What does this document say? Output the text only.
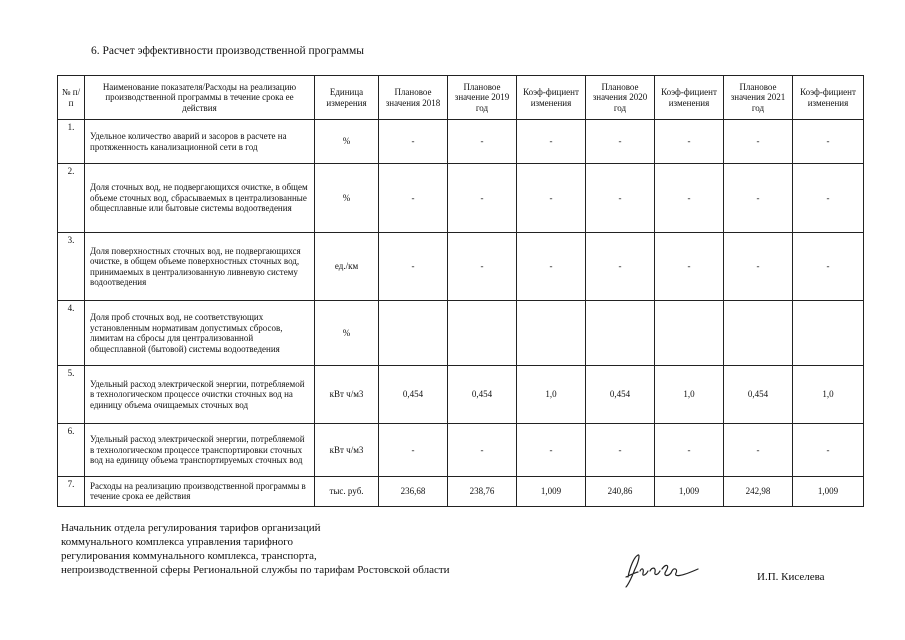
6. Расчет эффективности производственной программы
№ п/п	Наименование показателя/Расходы на реализацию производственной программы в течение срока ее действия	Единица измерения	Плановое значения 2018	Плановое значение 2019 год	Коэф-фициент изменения	Плановое значения 2020 год	Коэф-фициент изменения	Плановое значения 2021 год	Коэф-фициент изменения
1.	Удельное количество аварий и засоров в расчете на протяженность канализационной сети в год	%	-	-	-	-	-	-	-
2.	Доля сточных вод, не подвергающихся очистке, в общем объеме сточных вод, сбрасываемых в централизованные общесплавные или бытовые системы водоотведения	%	-	-	-	-	-	-	-
3.	Доля поверхностных сточных вод, не подвергающихся очистке, в общем объеме поверхностных сточных вод, принимаемых в централизованную ливневую систему водоотведения	ед./км	-	-	-	-	-	-	-
4.	Доля проб сточных вод, не соответствующих установленным нормативам допустимых сбросов, лимитам на сбросы для централизованной общесплавной (бытовой) системы водоотведения	%							
5.	Удельный расход электрической энергии, потребляемой в технологическом процессе очистки сточных вод на единицу объема очищаемых сточных вод	кВт ч/м3	0,454	0,454	1,0	0,454	1,0	0,454	1,0
6.	Удельный расход электрической энергии, потребляемой в технологическом процессе транспортировки сточных вод на единицу объема транспортируемых сточных вод	кВт ч/м3	-	-	-	-	-	-	-
7.	Расходы на реализацию производственной программы в течение срока ее действия	тыс. руб.	236,68	238,76	1,009	240,86	1,009	242,98	1,009
Начальник отдела регулирования тарифов организаций
коммунального комплекса управления тарифного
регулирования коммунального комплекса, транспорта,
непроизводственной сферы Региональной службы по тарифам Ростовской области
И.П. Киселева
